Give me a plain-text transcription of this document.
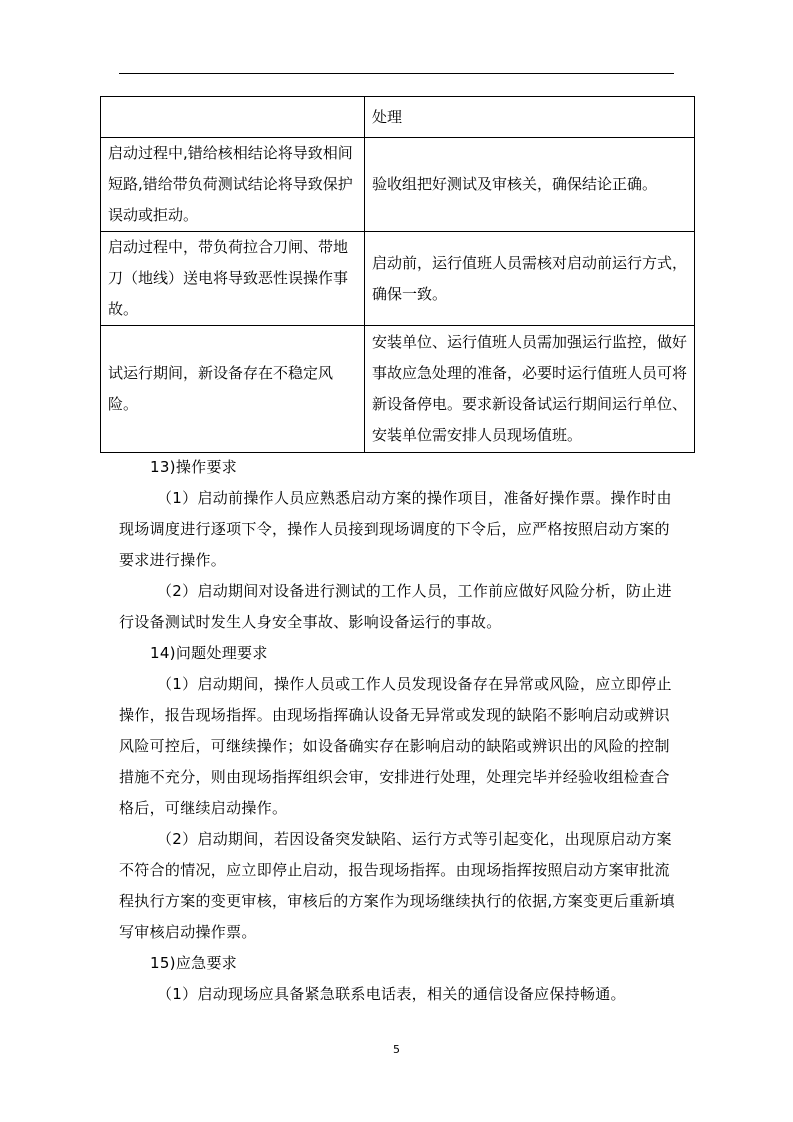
	处理
启动过程中,错给核相结论将导致相间短路,错给带负荷测试结论将导致保护误动或拒动。	验收组把好测试及审核关，确保结论正确。
启动过程中，带负荷拉合刀闸、带地刀（地线）送电将导致恶性误操作事故。	启动前，运行值班人员需核对启动前运行方式，确保一致。
试运行期间，新设备存在不稳定风险。	安装单位、运行值班人员需加强运行监控，做好事故应急处理的准备，必要时运行值班人员可将新设备停电。要求新设备试运行期间运行单位、安装单位需安排人员现场值班。

13)操作要求

（1）启动前操作人员应熟悉启动方案的操作项目，准备好操作票。操作时由现场调度进行逐项下令，操作人员接到现场调度的下令后，应严格按照启动方案的要求进行操作。

（2）启动期间对设备进行测试的工作人员，工作前应做好风险分析，防止进行设备测试时发生人身安全事故、影响设备运行的事故。

14)问题处理要求

（1）启动期间，操作人员或工作人员发现设备存在异常或风险，应立即停止操作，报告现场指挥。由现场指挥确认设备无异常或发现的缺陷不影响启动或辨识风险可控后，可继续操作；如设备确实存在影响启动的缺陷或辨识出的风险的控制措施不充分，则由现场指挥组织会审，安排进行处理，处理完毕并经验收组检查合格后，可继续启动操作。

（2）启动期间，若因设备突发缺陷、运行方式等引起变化，出现原启动方案不符合的情况，应立即停止启动，报告现场指挥。由现场指挥按照启动方案审批流程执行方案的变更审核，审核后的方案作为现场继续执行的依据,方案变更后重新填写审核启动操作票。

15)应急要求

（1）启动现场应具备紧急联系电话表，相关的通信设备应保持畅通。

5
